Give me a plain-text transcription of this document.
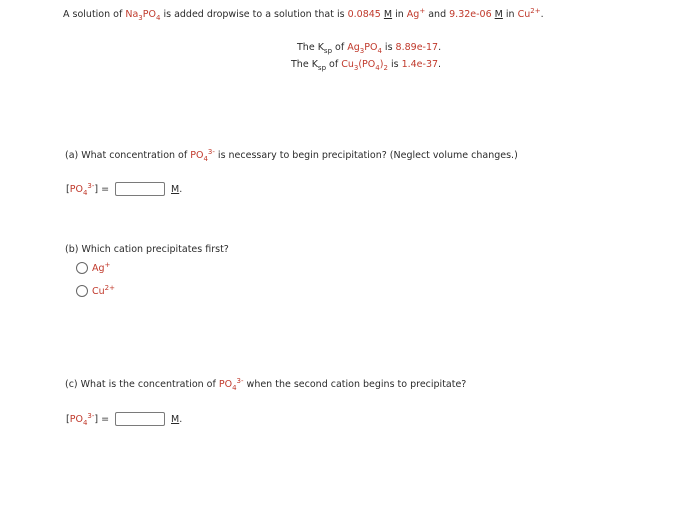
A solution of $Na_3PO_4$ is added dropwise to a solution that is 0.0845 M in Ag+ and 9.32e-06 M in $Cu^{2+}$.
The $K_{sp}$ of $Ag_3PO_4$ is 8.89e-17.
The $K_{sp}$ of $Cu_3(PO_4)_2$ is 1.4e-37.
(a) What concentration of $PO_4^{3-}$ is necessary to begin precipitation? (Neglect volume changes.)
$[PO_4^{3-}]$ =	M.
(b) Which cation precipitates first?
Ag+
$Cu^{2+}$
(c) What is the concentration of $PO_4^{3-}$ when the second cation begins to precipitate?
$[PO_4^{3-}]$ =	M.
